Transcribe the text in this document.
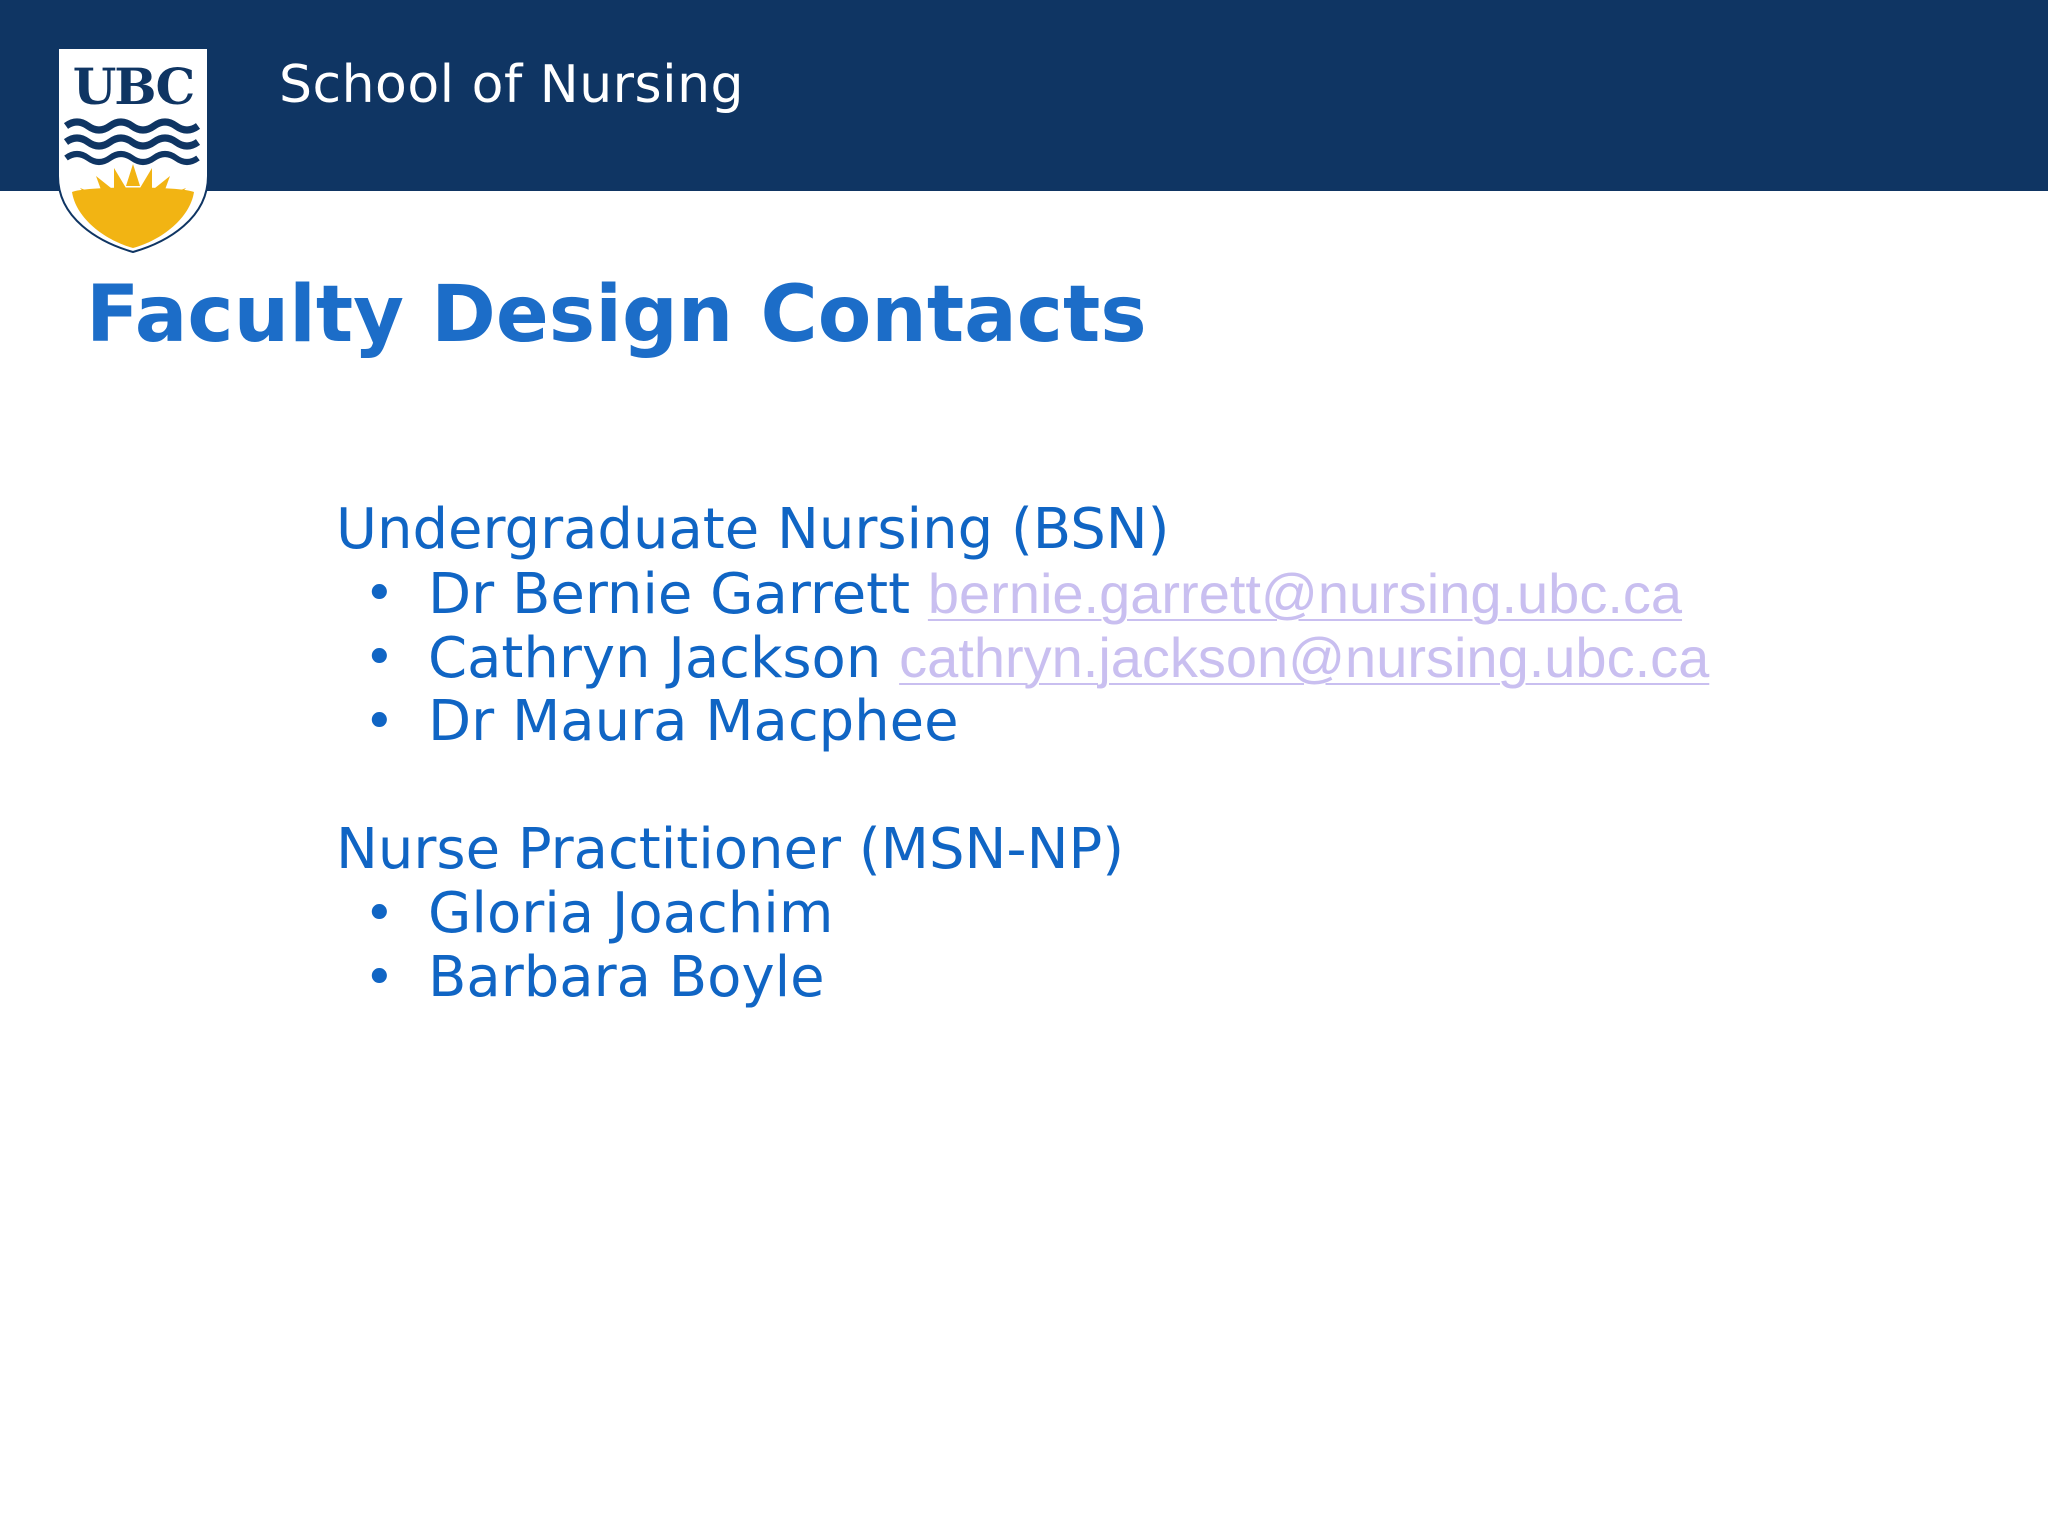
UBC School of Nursing
Faculty Design Contacts
Undergraduate Nursing (BSN)
• Dr Bernie Garrett bernie.garrett@nursing.ubc.ca
• Cathryn Jackson cathryn.jackson@nursing.ubc.ca
• Dr Maura Macphee
Nurse Practitioner (MSN-NP)
• Gloria Joachim
• Barbara Boyle
